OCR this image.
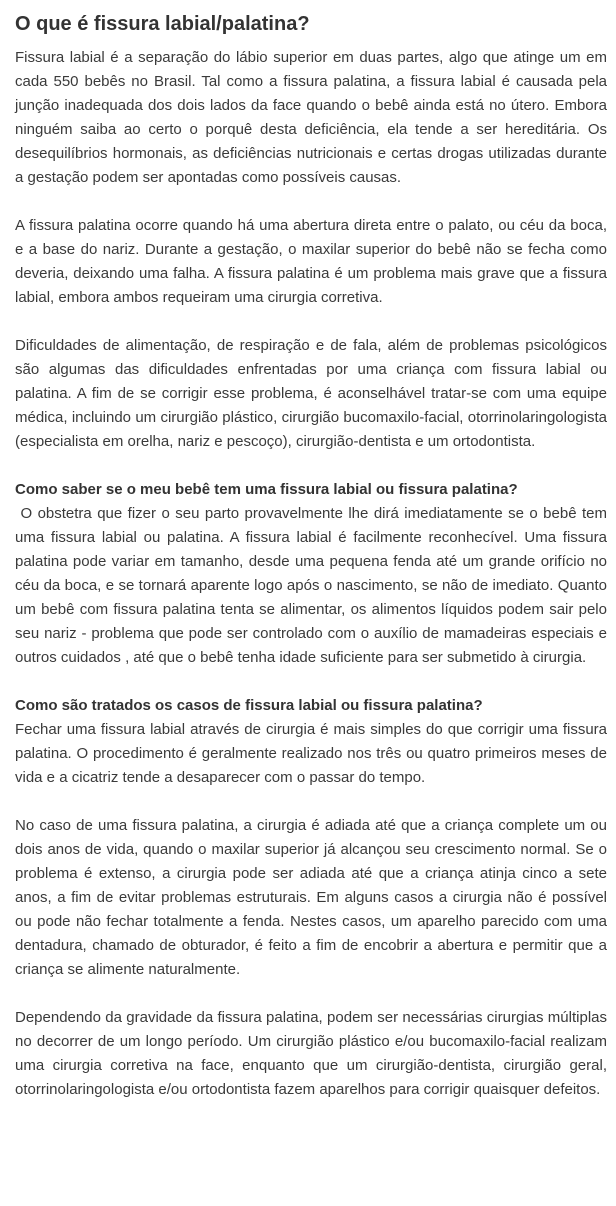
O que é fissura labial/palatina?

Fissura labial é a separação do lábio superior em duas partes, algo que atinge um em cada 550 bebês no Brasil. Tal como a fissura palatina, a fissura labial é causada pela junção inadequada dos dois lados da face quando o bebê ainda está no útero. Embora ninguém saiba ao certo o porquê desta deficiência, ela tende a ser hereditária. Os desequilíbrios hormonais, as deficiências nutricionais e certas drogas utilizadas durante a gestação podem ser apontadas como possíveis causas.

A fissura palatina ocorre quando há uma abertura direta entre o palato, ou céu da boca, e a base do nariz. Durante a gestação, o maxilar superior do bebê não se fecha como deveria, deixando uma falha. A fissura palatina é um problema mais grave que a fissura labial, embora ambos requeiram uma cirurgia corretiva.

Dificuldades de alimentação, de respiração e de fala, além de problemas psicológicos são algumas das dificuldades enfrentadas por uma criança com fissura labial ou palatina. A fim de se corrigir esse problema, é aconselhável tratar-se com uma equipe médica, incluindo um cirurgião plástico, cirurgião bucomaxilo-facial, otorrinolaringologista (especialista em orelha, nariz e pescoço), cirurgião-dentista e um ortodontista.

Como saber se o meu bebê tem uma fissura labial ou fissura palatina?

O obstetra que fizer o seu parto provavelmente lhe dirá imediatamente se o bebê tem uma fissura labial ou palatina. A fissura labial é facilmente reconhecível. Uma fissura palatina pode variar em tamanho, desde uma pequena fenda até um grande orifício no céu da boca, e se tornará aparente logo após o nascimento, se não de imediato. Quanto um bebê com fissura palatina tenta se alimentar, os alimentos líquidos podem sair pelo seu nariz - problema que pode ser controlado com o auxílio de mamadeiras especiais e outros cuidados , até que o bebê tenha idade suficiente para ser submetido à cirurgia.

Como são tratados os casos de fissura labial ou fissura palatina?

Fechar uma fissura labial através de cirurgia é mais simples do que corrigir uma fissura palatina. O procedimento é geralmente realizado nos três ou quatro primeiros meses de vida e a cicatriz tende a desaparecer com o passar do tempo.

No caso de uma fissura palatina, a cirurgia é adiada até que a criança complete um ou dois anos de vida, quando o maxilar superior já alcançou seu crescimento normal. Se o problema é extenso, a cirurgia pode ser adiada até que a criança atinja cinco a sete anos, a fim de evitar problemas estruturais. Em alguns casos a cirurgia não é possível ou pode não fechar totalmente a fenda. Nestes casos, um aparelho parecido com uma dentadura, chamado de obturador, é feito a fim de encobrir a abertura e permitir que a criança se alimente naturalmente.

Dependendo da gravidade da fissura palatina, podem ser necessárias cirurgias múltiplas no decorrer de um longo período. Um cirurgião plástico e/ou bucomaxilo-facial realizam uma cirurgia corretiva na face, enquanto que um cirurgião-dentista, cirurgião geral, otorrinolaringologista e/ou ortodontista fazem aparelhos para corrigir quaisquer defeitos.
